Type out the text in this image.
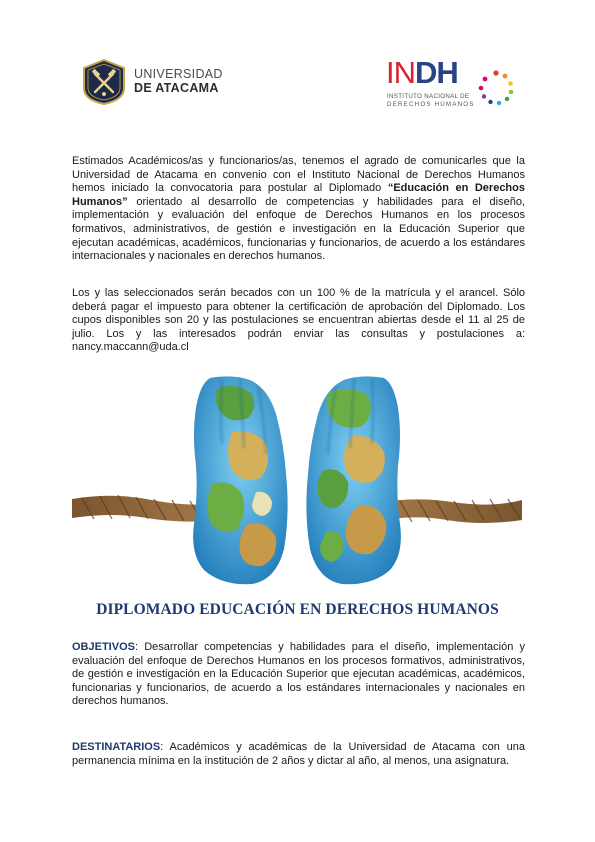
UNIVERSIDAD
DE ATACAMA	INDH
INSTITUTO NACIONAL DE
DERECHOS HUMANOS

Estimados Académicos/as y funcionarios/as, tenemos el agrado de comunicarles que la Universidad de Atacama en convenio con el Instituto Nacional de Derechos Humanos hemos iniciado la convocatoria para postular al Diplomado “Educación en Derechos Humanos” orientado al desarrollo de competencias y habilidades para el diseño, implementación y evaluación del enfoque de Derechos Humanos en los procesos formativos, administrativos, de gestión e investigación en la Educación Superior que ejecutan académicas, académicos, funcionarias y funcionarios, de acuerdo a los estándares internacionales y nacionales en derechos humanos.

Los y las seleccionados serán becados con un 100 % de la matrícula y el arancel. Sólo deberá pagar el impuesto para obtener la certificación de aprobación del Diplomado. Los cupos disponibles son 20 y las postulaciones se encuentran abiertas desde el 11 al 25 de julio. Los y las interesados podrán enviar las consultas y postulaciones a: nancy.maccann@uda.cl

DIPLOMADO EDUCACIÓN EN DERECHOS HUMANOS

OBJETIVOS: Desarrollar competencias y habilidades para el diseño, implementación y evaluación del enfoque de Derechos Humanos en los procesos formativos, administrativos, de gestión e investigación en la Educación Superior que ejecutan académicas, académicos, funcionarias y funcionarios, de acuerdo a los estándares internacionales y nacionales en derechos humanos.

DESTINATARIOS: Académicos y académicas de la Universidad de Atacama con una permanencia mínima en la institución de 2 años y dictar al año, al menos, una asignatura.
